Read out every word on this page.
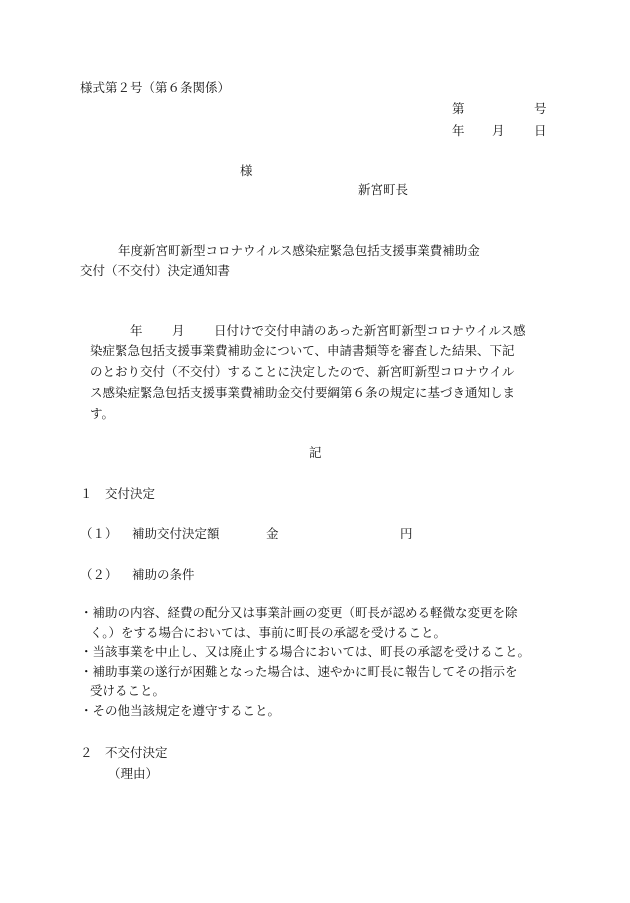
様式第２号（第６条関係）
第	号
年 月 日
様
新宮町長
年度新宮町新型コロナウイルス感染症緊急包括支援事業費補助金
交付（不交付）決定通知書
年 月 日付けで交付申請のあった新宮町新型コロナウイルス感
染症緊急包括支援事業費補助金について、申請書類等を審査した結果、下記
のとおり交付（不交付）することに決定したので、新宮町新型コロナウイル
ス感染症緊急包括支援事業費補助金交付要綱第６条の規定に基づき通知しま
す。
記
１　交付決定
（１） 補助交付決定額	金	円
（２） 補助の条件
・補助の内容、経費の配分又は事業計画の変更（町長が認める軽微な変更を除
く。）をする場合においては、事前に町長の承認を受けること。
・当該事業を中止し、又は廃止する場合においては、町長の承認を受けること。
・補助事業の遂行が困難となった場合は、速やかに町長に報告してその指示を
受けること。
・その他当該規定を遵守すること。
２　不交付決定
（理由）
